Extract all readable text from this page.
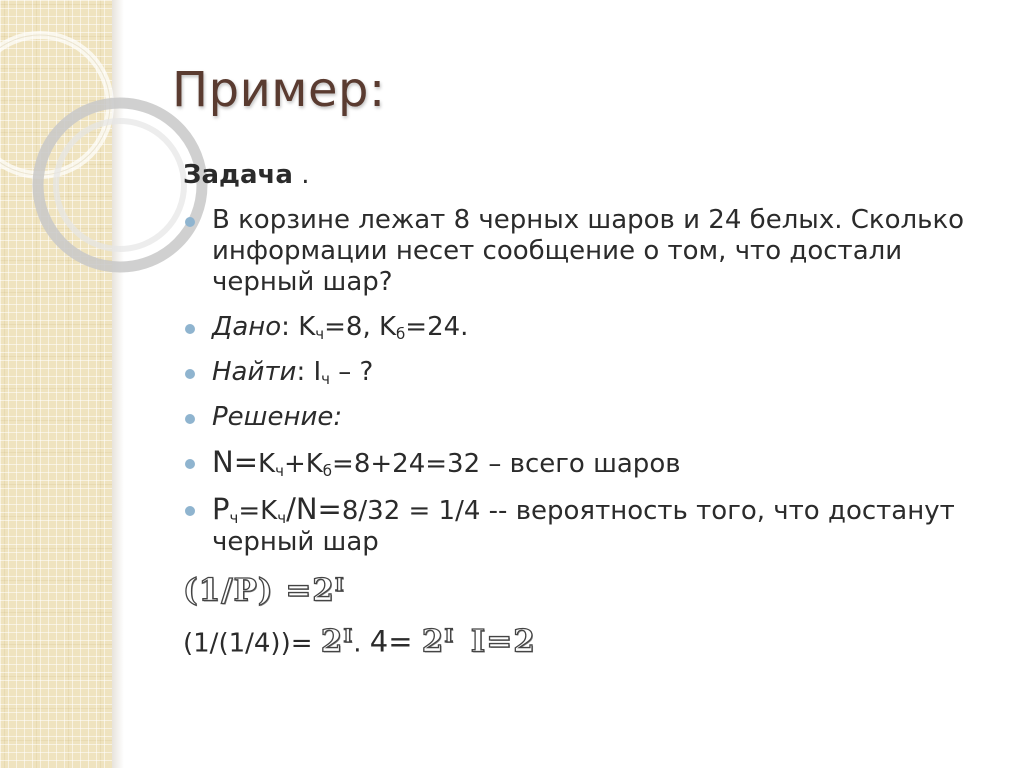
Пример:
Задача .
В корзине лежат 8 черных шаров и 24 белых. Сколько информации несет сообщение о том, что достали черный шар?
Дано: $K_ч=8$, $K_б=24$.
Найти: $I_ч$ – ?
Решение:
$N=K_ч+K_б=8+24=32$ – всего шаров
$P_ч=K_ч/N=8/32 = 1/4$ -- вероятность того, что достанут черный шар
$(1/P) =2^I$
$(1/(1/4))= 2^I$. $4= 2^I$ I=2
